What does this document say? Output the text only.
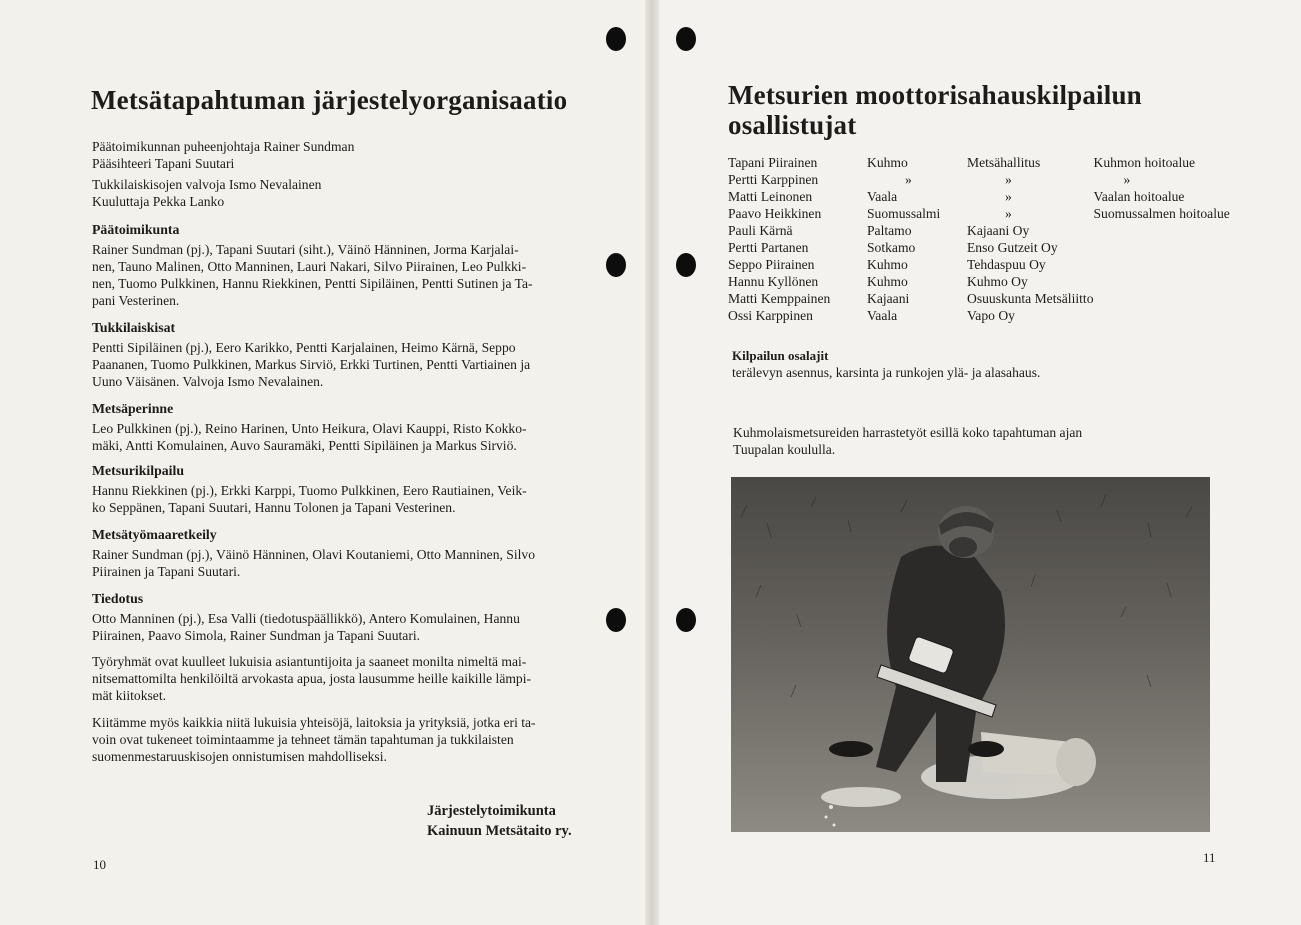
Metsätapahtuman järjestelyorganisaatio
Päätoimikunnan puheenjohtaja Rainer Sundman
Pääsihteeri Tapani Suutari
Tukkilaiskisojen valvoja Ismo Nevalainen
Kuuluttaja Pekka Lanko
Päätoimikunta

Rainer Sundman (pj.), Tapani Suutari (siht.), Väinö Hänninen, Jorma Karjalai-

nen, Tauno Malinen, Otto Manninen, Lauri Nakari, Silvo Piirainen, Leo Pulkki-

nen, Tuomo Pulkkinen, Hannu Riekkinen, Pentti Sipiläinen, Pentti Sutinen ja Ta-

pani Vesterinen.

Tukkilaiskisat

Pentti Sipiläinen (pj.), Eero Karikko, Pentti Karjalainen, Heimo Kärnä, Seppo

Paananen, Tuomo Pulkkinen, Markus Sirviö, Erkki Turtinen, Pentti Vartiainen ja

Uuno Väisänen. Valvoja Ismo Nevalainen.

Metsäperinne

Leo Pulkkinen (pj.), Reino Harinen, Unto Heikura, Olavi Kauppi, Risto Kokko-

mäki, Antti Komulainen, Auvo Sauramäki, Pentti Sipiläinen ja Markus Sirviö.

Metsurikilpailu

Hannu Riekkinen (pj.), Erkki Karppi, Tuomo Pulkkinen, Eero Rautiainen, Veik-

ko Seppänen, Tapani Suutari, Hannu Tolonen ja Tapani Vesterinen.

Metsätyömaaretkeily

Rainer Sundman (pj.), Väinö Hänninen, Olavi Koutaniemi, Otto Manninen, Silvo

Piirainen ja Tapani Suutari.

Tiedotus

Otto Manninen (pj.), Esa Valli (tiedotuspäällikkö), Antero Komulainen, Hannu

Piirainen, Paavo Simola, Rainer Sundman ja Tapani Suutari.

Työryhmät ovat kuulleet lukuisia asiantuntijoita ja saaneet monilta nimeltä mai-
nitsemattomilta henkilöiltä arvokasta apua, josta lausumme heille kaikille lämpi-
mät kiitokset.
Kiitämme myös kaikkia niitä lukuisia yhteisöjä, laitoksia ja yrityksiä, jotka eri ta-
voin ovat tukeneet toimintaamme ja tehneet tämän tapahtuman ja tukkilaisten
suomenmestaruuskisojen onnistumisen mahdolliseksi.
Järjestelytoimikunta
Kainuun Metsätaito ry.
10
Metsurien moottorisahauskilpailun
osallistujat
Tapani Piirainen	Kuhmo	Metsähallitus	Kuhmon hoitoalue
Pertti Karppinen	»	»	»
Matti Leinonen	Vaala	»	Vaalan hoitoalue
Paavo Heikkinen	Suomussalmi	»	Suomussalmen hoitoalue
Pauli Kärnä	Paltamo	Kajaani Oy	
Pertti Partanen	Sotkamo	Enso Gutzeit Oy	
Seppo Piirainen	Kuhmo	Tehdaspuu Oy	
Hannu Kyllönen	Kuhmo	Kuhmo Oy	
Matti Kemppainen	Kajaani	Osuuskunta Metsäliitto	
Ossi Karppinen	Vaala	Vapo Oy	
Kilpailun osalajit
terälevyn asennus, karsinta ja runkojen ylä- ja alasahaus.
Kuhmolaismetsureiden harrastetyöt esillä koko tapahtuman ajan
Tuupalan koululla.
11
